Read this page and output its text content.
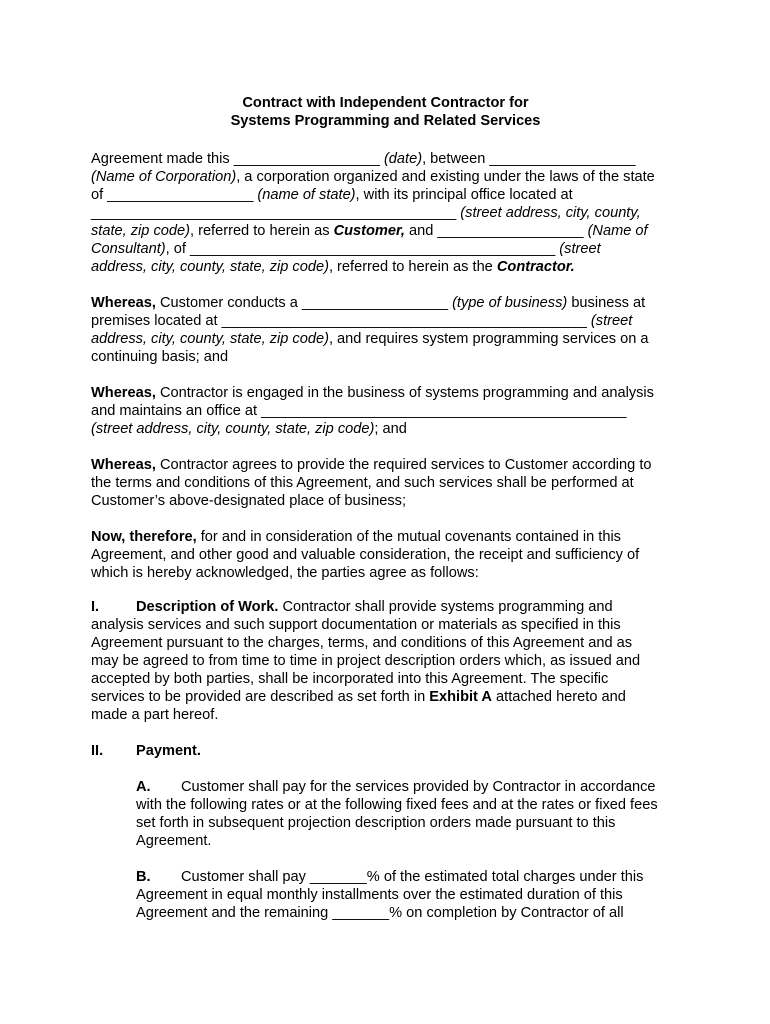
Contract with Independent Contractor for
Systems Programming and Related Services
Agreement made this __________________ (date), between __________________
(Name of Corporation), a corporation organized and existing under the laws of the state
of __________________ (name of state), with its principal office located at
_____________________________________________ (street address, city, county,
state, zip code), referred to herein as Customer, and __________________ (Name of
Consultant), of _____________________________________________ (street
address, city, county, state, zip code), referred to herein as the Contractor.
Whereas, Customer conducts a __________________ (type of business) business at
premises located at _____________________________________________ (street
address, city, county, state, zip code), and requires system programming services on a
continuing basis; and
Whereas, Contractor is engaged in the business of systems programming and analysis
and maintains an office at _____________________________________________
(street address, city, county, state, zip code); and
Whereas, Contractor agrees to provide the required services to Customer according to
the terms and conditions of this Agreement, and such services shall be performed at
Customer’s above-designated place of business;
Now, therefore, for and in consideration of the mutual covenants contained in this
Agreement, and other good and valuable consideration, the receipt and sufficiency of
which is hereby acknowledged, the parties agree as follows:
I.	Description of Work. Contractor shall provide systems programming and
analysis services and such support documentation or materials as specified in this
Agreement pursuant to the charges, terms, and conditions of this Agreement and as
may be agreed to from time to time in project description orders which, as issued and
accepted by both parties, shall be incorporated into this Agreement. The specific
services to be provided are described as set forth in Exhibit A attached hereto and
made a part hereof.
II. Payment.
A. Customer shall pay for the services provided by Contractor in accordance
with the following rates or at the following fixed fees and at the rates or fixed fees
set forth in subsequent projection description orders made pursuant to this
Agreement.
B. Customer shall pay _______% of the estimated total charges under this
Agreement in equal monthly installments over the estimated duration of this
Agreement and the remaining _______% on completion by Contractor of all
